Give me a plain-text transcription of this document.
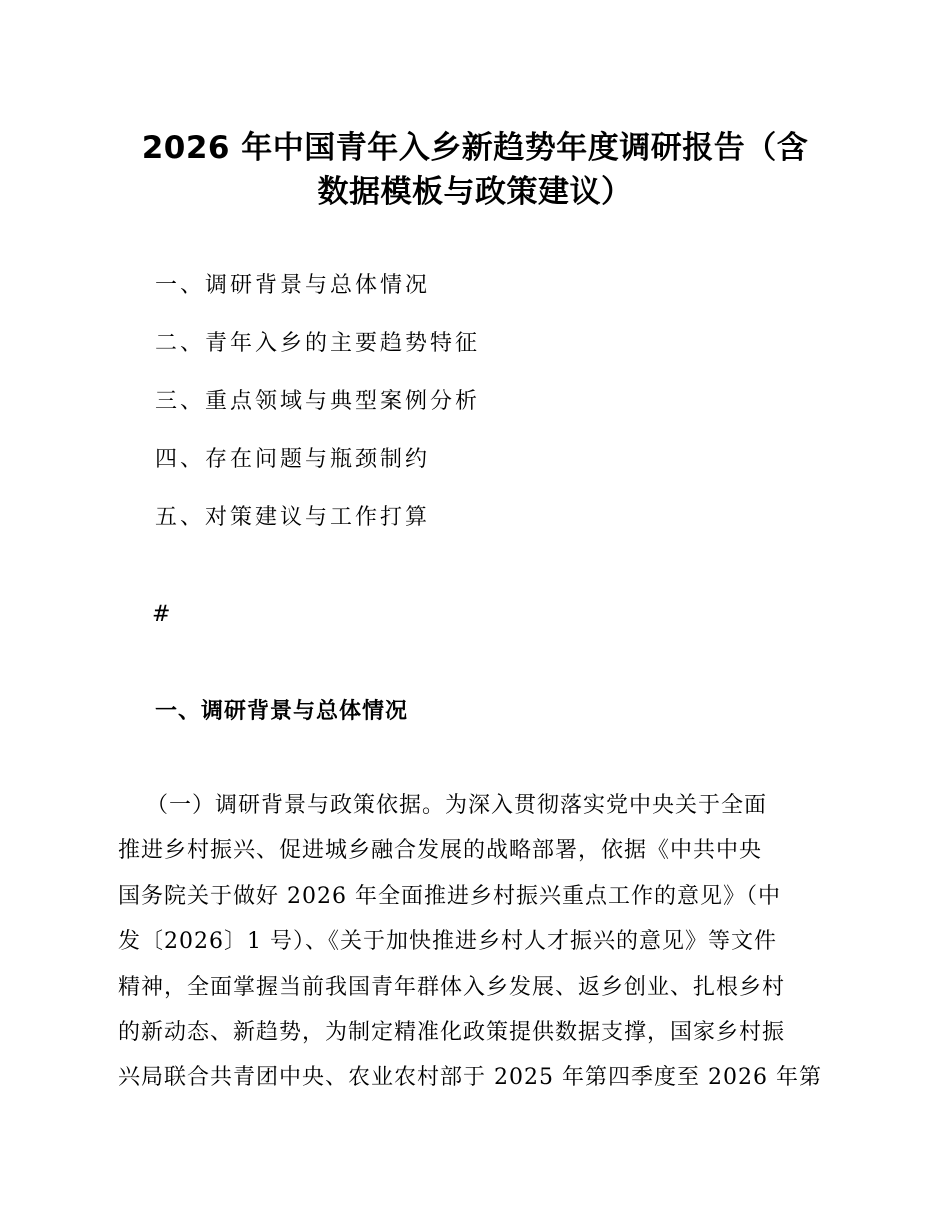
2026 年中国青年入乡新趋势年度调研报告（含
数据模板与政策建议）
一、调研背景与总体情况
二、青年入乡的主要趋势特征
三、重点领域与典型案例分析
四、存在问题与瓶颈制约
五、对策建议与工作打算
#
一、调研背景与总体情况
（一）调研背景与政策依据。为深入贯彻落实党中央关于全面
推进乡村振兴、促进城乡融合发展的战略部署，依据《中共中央
国务院关于做好 2026 年全面推进乡村振兴重点工作的意见》（中
发〔2026〕1 号）、《关于加快推进乡村人才振兴的意见》等文件
精神，全面掌握当前我国青年群体入乡发展、返乡创业、扎根乡村
的新动态、新趋势，为制定精准化政策提供数据支撑，国家乡村振
兴局联合共青团中央、农业农村部于 2025 年第四季度至 2026 年第
